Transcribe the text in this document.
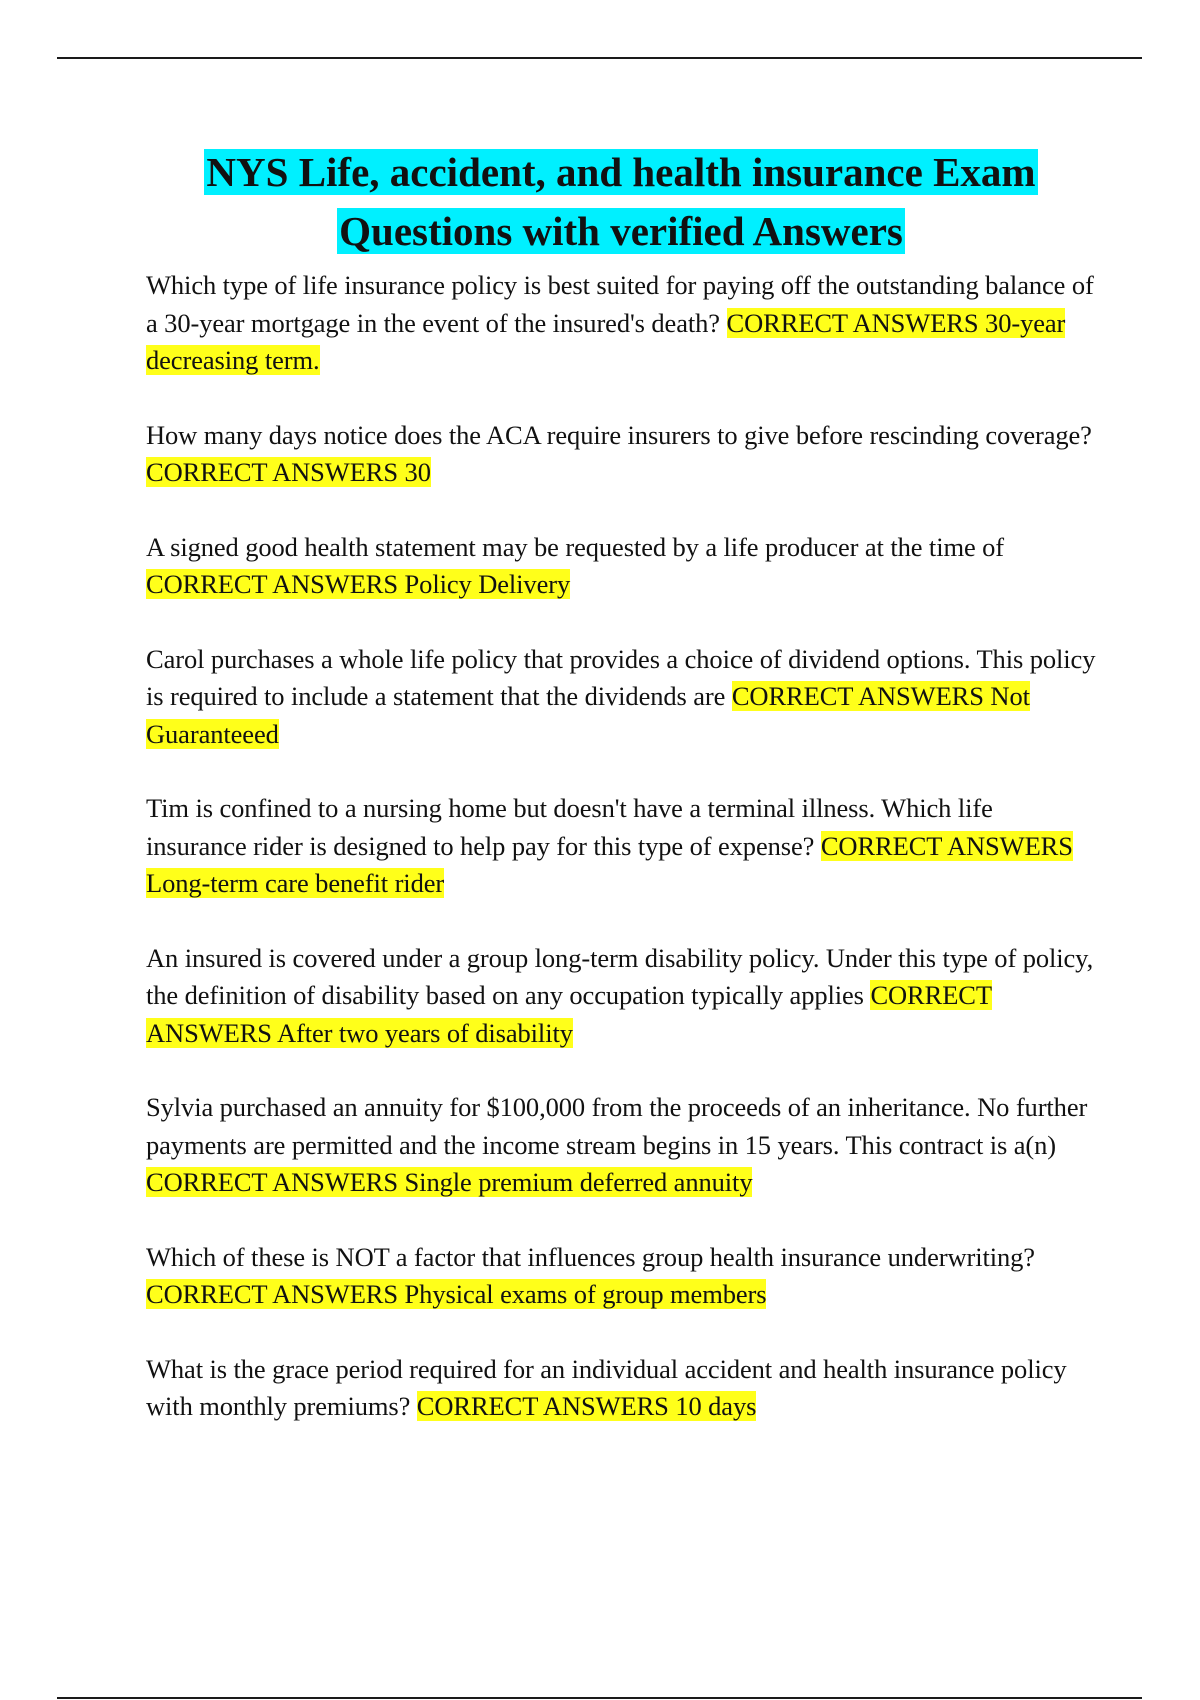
NYS Life, accident, and health insurance Exam
Questions with verified Answers
Which type of life insurance policy is best suited for paying off the outstanding balance of a 30-year mortgage in the event of the insured's death? CORRECT ANSWERS 30-year decreasing term.
How many days notice does the ACA require insurers to give before rescinding coverage? CORRECT ANSWERS 30
A signed good health statement may be requested by a life producer at the time of CORRECT ANSWERS Policy Delivery
Carol purchases a whole life policy that provides a choice of dividend options. This policy is required to include a statement that the dividends are CORRECT ANSWERS Not Guaranteeed
Tim is confined to a nursing home but doesn't have a terminal illness. Which life insurance rider is designed to help pay for this type of expense? CORRECT ANSWERS Long-term care benefit rider
An insured is covered under a group long-term disability policy. Under this type of policy, the definition of disability based on any occupation typically applies CORRECT ANSWERS After two years of disability
Sylvia purchased an annuity for $100,000 from the proceeds of an inheritance. No further payments are permitted and the income stream begins in 15 years. This contract is a(n) CORRECT ANSWERS Single premium deferred annuity
Which of these is NOT a factor that influences group health insurance underwriting? CORRECT ANSWERS Physical exams of group members
What is the grace period required for an individual accident and health insurance policy with monthly premiums? CORRECT ANSWERS 10 days
